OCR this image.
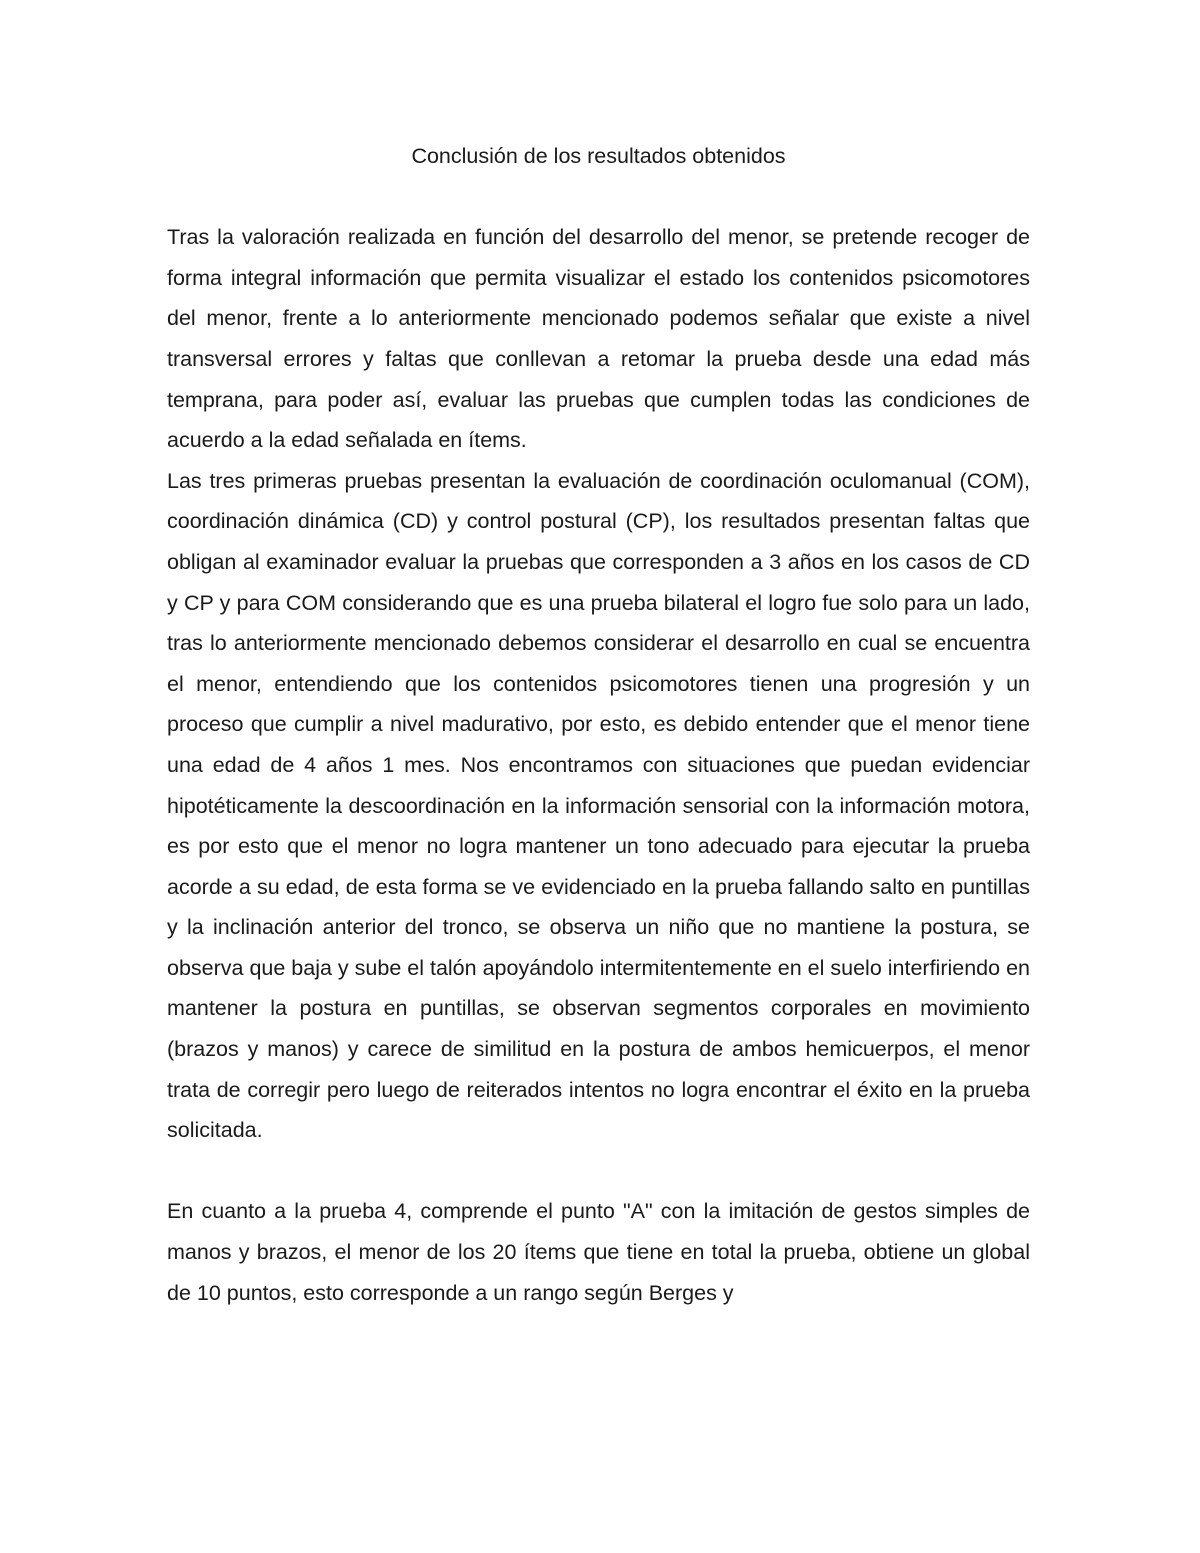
Conclusión de los resultados obtenidos

Tras la valoración realizada en función del desarrollo del menor, se pretende recoger de forma integral información que permita visualizar el estado los contenidos psicomotores del menor, frente a lo anteriormente mencionado podemos señalar que existe a nivel transversal errores y faltas que conllevan a retomar la prueba desde una edad más temprana, para poder así, evaluar las pruebas que cumplen todas las condiciones de acuerdo a la edad señalada en ítems.

Las tres primeras pruebas presentan la evaluación de coordinación oculomanual (COM), coordinación dinámica (CD) y control postural (CP), los resultados presentan faltas que obligan al examinador evaluar la pruebas que corresponden a 3 años en los casos de CD y CP y para COM considerando que es una prueba bilateral el logro fue solo para un lado, tras lo anteriormente mencionado debemos considerar el desarrollo en cual se encuentra el menor, entendiendo que los contenidos psicomotores tienen una progresión y un proceso que cumplir a nivel madurativo, por esto, es debido entender que el menor tiene una edad de 4 años 1 mes. Nos encontramos con situaciones que puedan evidenciar hipotéticamente la descoordinación en la información sensorial con la información motora, es por esto que el menor no logra mantener un tono adecuado para ejecutar la prueba acorde a su edad, de esta forma se ve evidenciado en la prueba fallando salto en puntillas y la inclinación anterior del tronco, se observa un niño que no mantiene la postura, se observa que baja y sube el talón apoyándolo intermitentemente en el suelo interfiriendo en mantener la postura en puntillas, se observan segmentos corporales en movimiento (brazos y manos) y carece de similitud en la postura de ambos hemicuerpos, el menor trata de corregir pero luego de reiterados intentos no logra encontrar el éxito en la prueba solicitada.

En cuanto a la prueba 4, comprende el punto "A" con la imitación de gestos simples de manos y brazos, el menor de los 20 ítems que tiene en total la prueba, obtiene un global de 10 puntos, esto corresponde a un rango según Berges y
